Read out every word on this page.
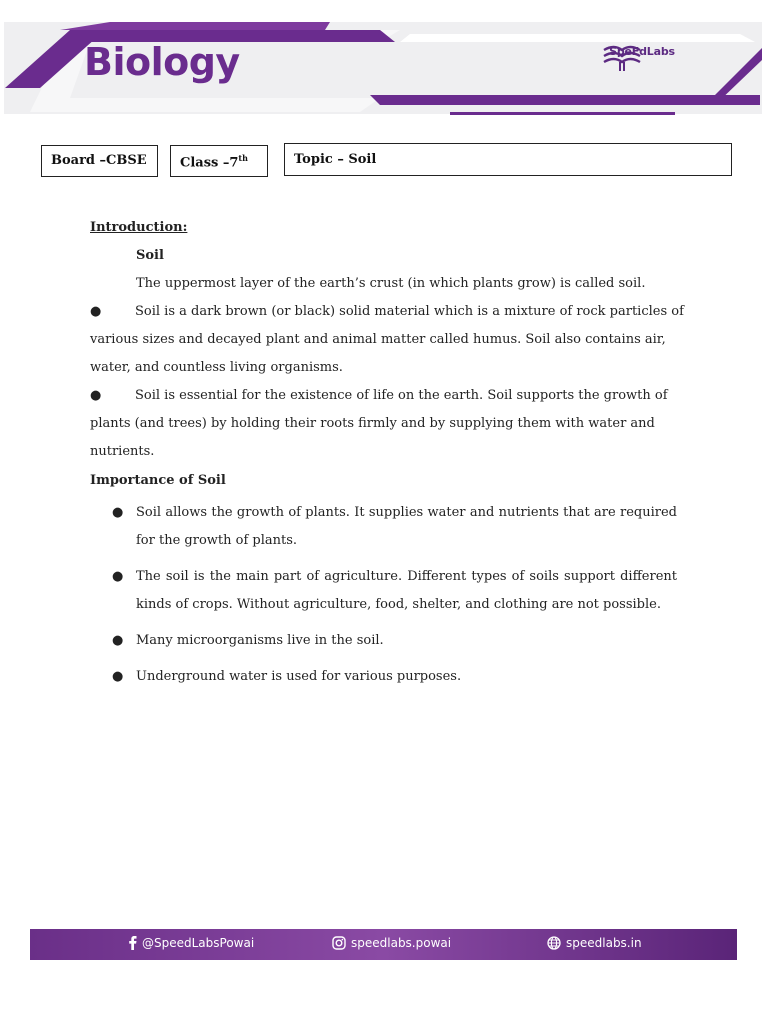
Biology	SpeEdLabs
Board –CBSE	Class –7th	Topic – Soil
Introduction:
Soil
The uppermost layer of the earth’s crust (in which plants grow) is called soil.
●	Soil is a dark brown (or black) solid material which is a mixture of rock particles of
various sizes and decayed plant and animal matter called humus. Soil also contains air,
water, and countless living organisms.
●	Soil is essential for the existence of life on the earth. Soil supports the growth of
plants (and trees) by holding their roots firmly and by supplying them with water and
nutrients.
Importance of Soil
● Soil allows the growth of plants. It supplies water and nutrients that are required for the growth of plants.
● The soil is the main part of agriculture. Different types of soils support different kinds of crops. Without agriculture, food, shelter, and clothing are not possible.
● Many microorganisms live in the soil.
● Underground water is used for various purposes.
@SpeedLabsPowai	speedlabs.powai	speedlabs.in
